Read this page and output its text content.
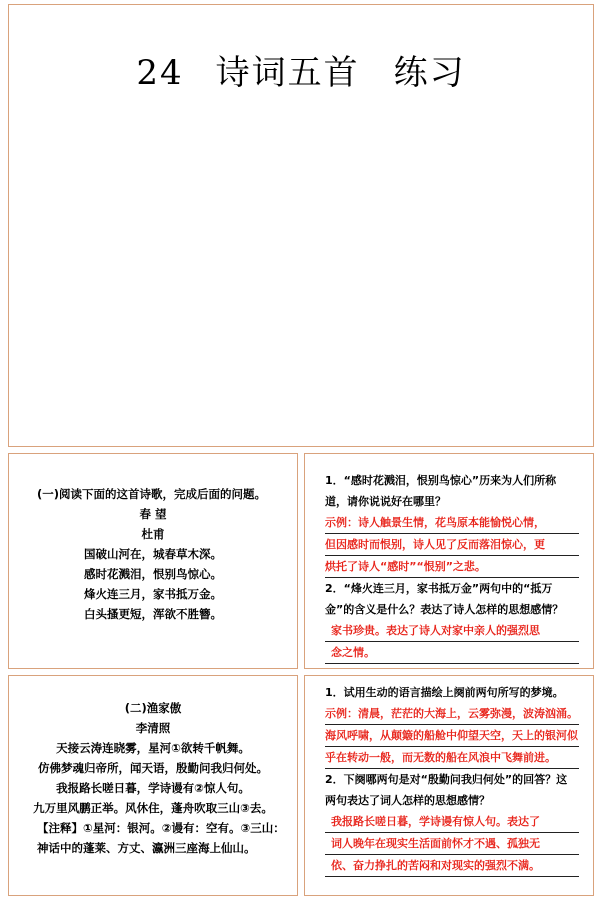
24 诗词五首 练习
(一)阅读下面的这首诗歌，完成后面的问题。
春 望
杜甫
国破山河在，城春草木深。
感时花溅泪，恨别鸟惊心。
烽火连三月，家书抵万金。
白头搔更短，浑欲不胜簪。
1．“感时花溅泪，恨别鸟惊心”历来为人们所称
道，请你说说好在哪里？
示例：诗人触景生情，花鸟原本能愉悦心情，
但因感时而恨别，诗人见了反而落泪惊心，更
烘托了诗人“感时”“恨别”之悲。
2．“烽火连三月，家书抵万金”两句中的“抵万
金”的含义是什么？表达了诗人怎样的思想感情？
家书珍贵。表达了诗人对家中亲人的强烈思
念之情。
(二)渔家傲
李清照
天接云涛连晓雾，星河①欲转千帆舞。
仿佛梦魂归帝所，闻天语，殷勤问我归何处。
我报路长嗟日暮，学诗谩有②惊人句。
九万里风鹏正举。风休住，蓬舟吹取三山③去。
【注释】①星河：银河。②谩有：空有。③三山：
神话中的蓬莱、方丈、瀛洲三座海上仙山。
1．试用生动的语言描绘上阕前两句所写的梦境。
示例：清晨，茫茫的大海上，云雾弥漫，波涛汹涌。
海风呼啸，从颠簸的船舱中仰望天空，天上的银河似
乎在转动一般，而无数的船在风浪中飞舞前进。
2．下阕哪两句是对“殷勤问我归何处”的回答？这
两句表达了词人怎样的思想感情？
我报路长嗟日暮，学诗谩有惊人句。表达了
词人晚年在现实生活面前怀才不遇、孤独无
依、奋力挣扎的苦闷和对现实的强烈不满。
